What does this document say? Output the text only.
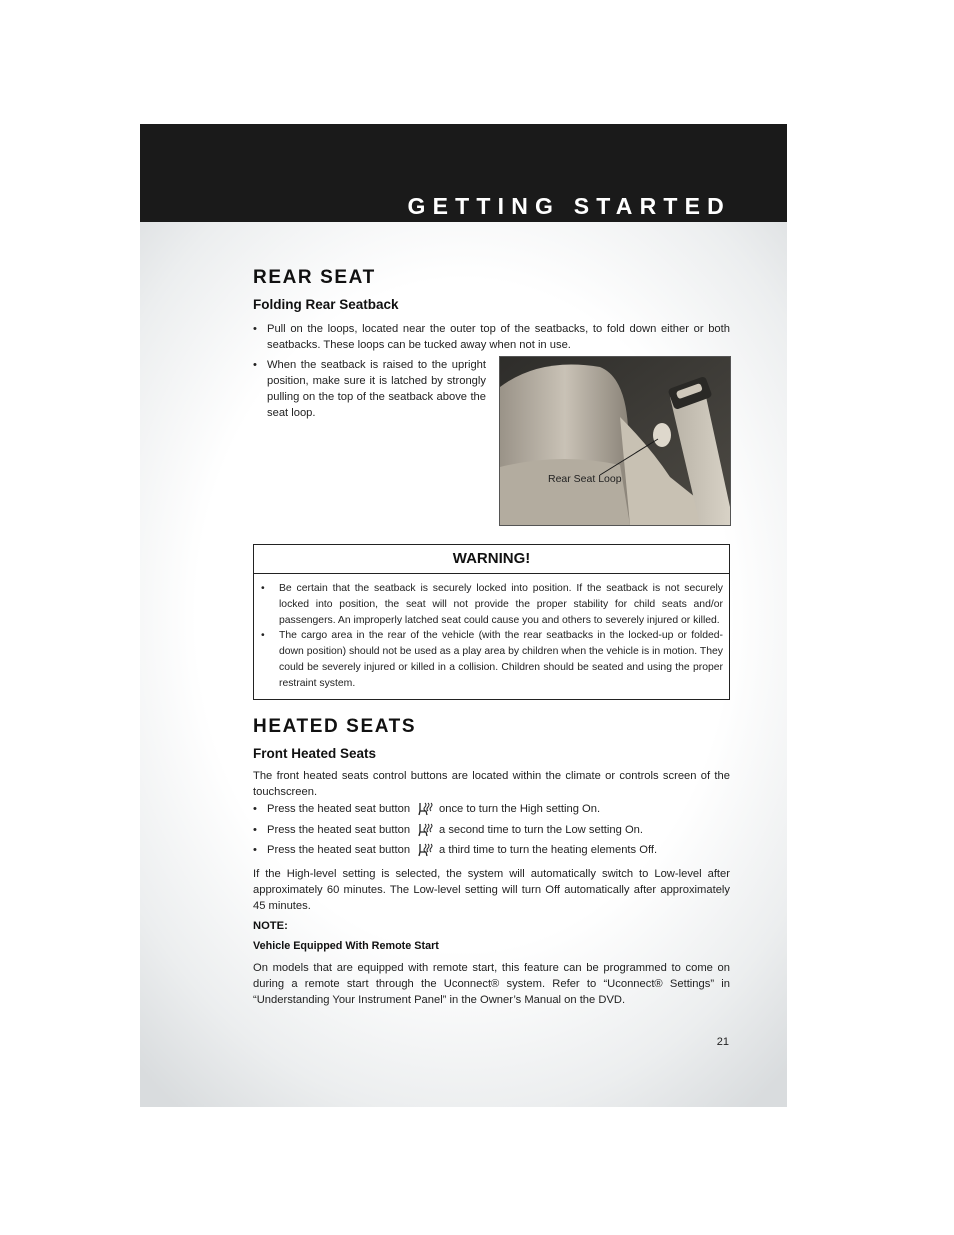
GETTING STARTED
REAR SEAT
Folding Rear Seatback
• Pull on the loops, located near the outer top of the seatbacks, to fold down either or both seatbacks. These loops can be tucked away when not in use.
• When the seatback is raised to the upright position, make sure it is latched by strongly pulling on the top of the seatback above the seat loop.
Rear Seat Loop
WARNING!
• Be certain that the seatback is securely locked into position. If the seatback is not securely locked into position, the seat will not provide the proper stability for child seats and/or passengers. An improperly latched seat could cause you and others to severely injured or killed.
• The cargo area in the rear of the vehicle (with the rear seatbacks in the locked-up or folded-down position) should not be used as a play area by children when the vehicle is in motion. They could be severely injured or killed in a collision. Children should be seated and using the proper restraint system.
HEATED SEATS
Front Heated Seats
The front heated seats control buttons are located within the climate or controls screen of the touchscreen.
• Press the heated seat button	once to turn the High setting On.
• Press the heated seat button	a second time to turn the Low setting On.
• Press the heated seat button	a third time to turn the heating elements Off.
If the High-level setting is selected, the system will automatically switch to Low-level after approximately 60 minutes. The Low-level setting will turn Off automatically after approximately 45 minutes.
NOTE:
Vehicle Equipped With Remote Start
On models that are equipped with remote start, this feature can be programmed to come on during a remote start through the Uconnect® system. Refer to “Uconnect® Settings” in “Understanding Your Instrument Panel” in the Owner’s Manual on the DVD.
21
